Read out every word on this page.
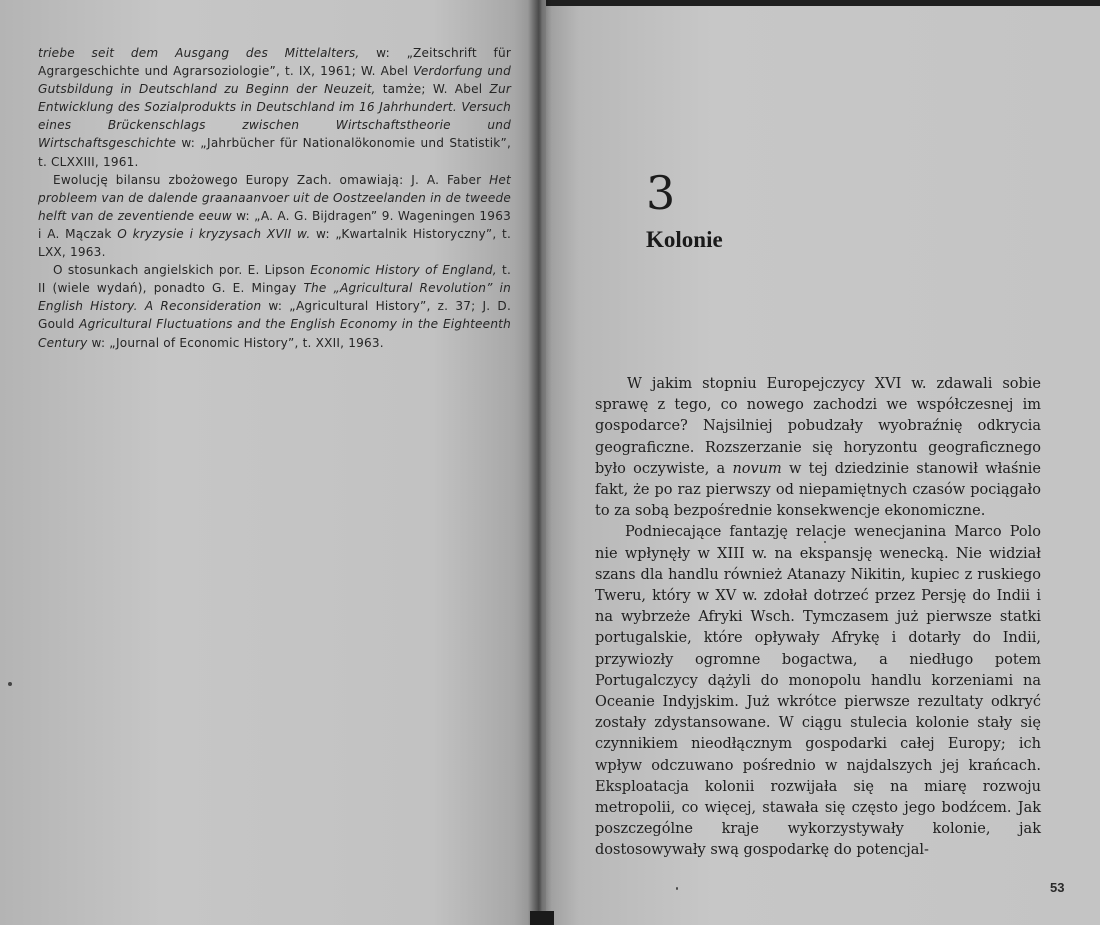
triebe seit dem Ausgang des Mittelalters, w: „Zeitschrift für Agrargeschichte und Agrarsoziologie”, t. IX, 1961; W. Abel Verdorfung und Gutsbildung in Deutschland zu Beginn der Neuzeit, tamże; W. Abel Zur Entwicklung des Sozialprodukts in Deutschland im 16 Jahrhundert. Versuch eines Brückenschlags zwischen Wirtschaftstheorie und Wirtschaftsgeschichte w: „Jahrbücher für Nationalökonomie und Statistik”, t. CLXXIII, 1961.

Ewolucję bilansu zbożowego Europy Zach. omawiają: J. A. Faber Het probleem van de dalende graanaanvoer uit de Oostzeelanden in de tweede helft van de zeventiende eeuw w: „A. A. G. Bijdragen” 9. Wageningen 1963 i A. Mączak O kryzysie i kryzysach XVII w. w: „Kwartalnik Historyczny”, t. LXX, 1963.

O stosunkach angielskich por. E. Lipson Economic History of England, t. II (wiele wydań), ponadto G. E. Mingay The „Agricultural Revolution” in English History. A Reconsideration w: „Agricultural History”, z. 37; J. D. Gould Agricultural Fluctuations and the English Economy in the Eighteenth Century w: „Journal of Economic History”, t. XXII, 1963.

3
Kolonie

W jakim stopniu Europejczycy XVI w. zdawali sobie sprawę z tego, co nowego zachodzi we współczesnej im gospodarce? Najsilniej pobudzały wyobraźnię odkrycia geograficzne. Rozszerzanie się horyzontu geograficznego było oczywiste, a novum w tej dziedzinie stanowił właśnie fakt, że po raz pierwszy od niepamiętnych czasów pociągało to za sobą bezpośrednie konsekwencje ekonomiczne.

Podniecające fantazję relacje wenecjanina Marco Polo nie wpłynęły w XIII w. na ekspansję wenecką. Nie widział szans dla handlu również Atanazy Nikitin, kupiec z ruskiego Tweru, który w XV w. zdołał dotrzeć przez Persję do Indii i na wybrzeże Afryki Wsch. Tymczasem już pierwsze statki portugalskie, które opływały Afrykę i dotarły do Indii, przywiozły ogromne bogactwa, a niedługo potem Portugalczycy dążyli do monopolu handlu korzeniami na Oceanie Indyjskim. Już wkrótce pierwsze rezultaty odkryć zostały zdystansowane. W ciągu stulecia kolonie stały się czynnikiem nieodłącznym gospodarki całej Europy; ich wpływ odczuwano pośrednio w najdalszych jej krańcach. Eksploatacja kolonii rozwijała się na miarę rozwoju metropolii, co więcej, stawała się często jego bodźcem. Jak poszczególne kraje wykorzystywały kolonie, jak dostosowywały swą gospodarkę do potencjal-

53
